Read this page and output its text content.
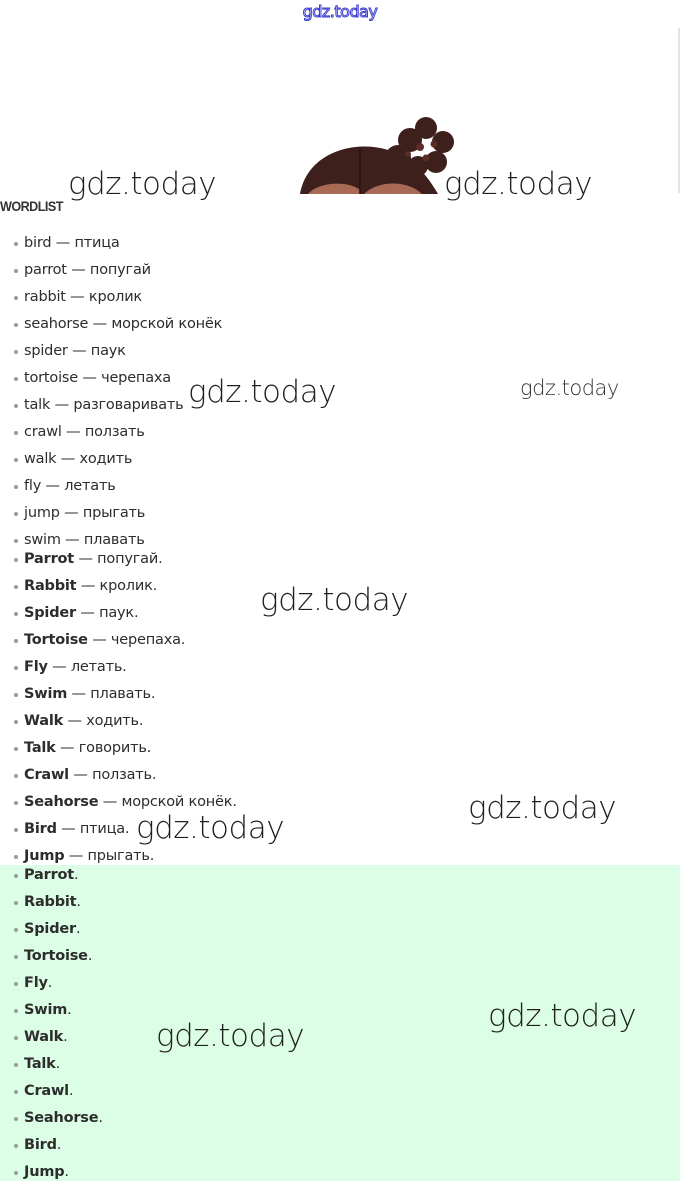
gdz.today
WORDLIST
bird — птица
parrot — попугай
rabbit — кролик
seahorse — морской конёк
spider — паук
tortoise — черепаха
talk — разговаривать
crawl — ползать
walk — ходить
fly — летать
jump — прыгать
swim — плавать
Parrot — попугай.
Rabbit — кролик.
Spider — паук.
Tortoise — черепаха.
Fly — летать.
Swim — плавать.
Walk — ходить.
Talk — говорить.
Crawl — ползать.
Seahorse — морской конёк.
Bird — птица.
Jump — прыгать.
Parrot.
Rabbit.
Spider.
Tortoise.
Fly.
Swim.
Walk.
Talk.
Crawl.
Seahorse.
Bird.
Jump.
gdz.today	gdz.today
gdz.today	gdz.today
gdz.today
gdz.today
gdz.today
gdz.today
gdz.today
